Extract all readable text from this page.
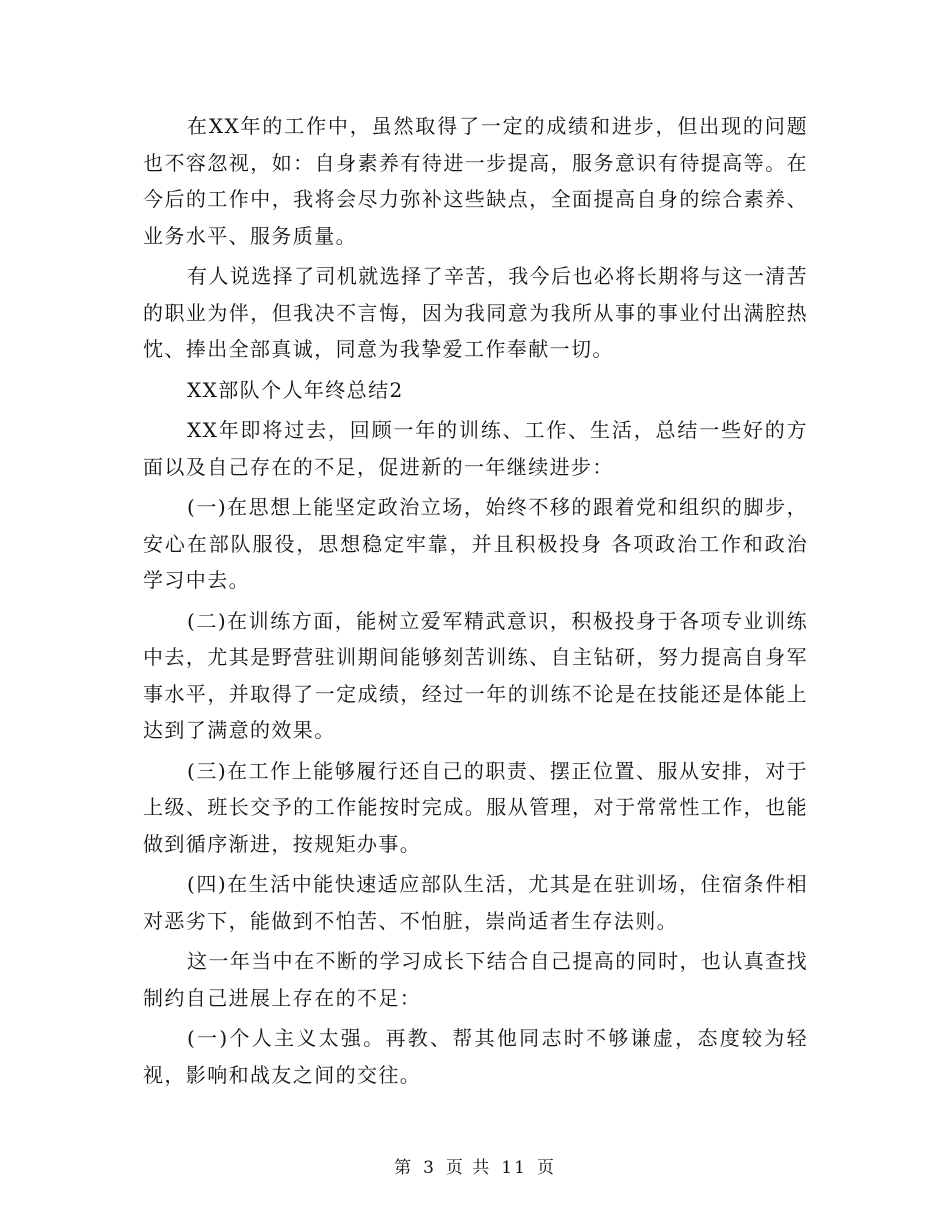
在XX年的工作中，虽然取得了一定的成绩和进步，但出现的问题也不容忽视，如：自身素养有待进一步提高，服务意识有待提高等。在今后的工作中，我将会尽力弥补这些缺点，全面提高自身的综合素养、业务水平、服务质量。

有人说选择了司机就选择了辛苦，我今后也必将长期将与这一清苦的职业为伴，但我决不言悔，因为我同意为我所从事的事业付出满腔热忱、捧出全部真诚，同意为我挚爱工作奉献一切。

XX部队个人年终总结2

XX年即将过去，回顾一年的训练、工作、生活，总结一些好的方面以及自己存在的不足，促进新的一年继续进步：

(一)在思想上能坚定政治立场，始终不移的跟着党和组织的脚步，安心在部队服役，思想稳定牢靠，并且积极投身 各项政治工作和政治学习中去。

(二)在训练方面，能树立爱军精武意识，积极投身于各项专业训练中去，尤其是野营驻训期间能够刻苦训练、自主钻研，努力提高自身军事水平，并取得了一定成绩，经过一年的训练不论是在技能还是体能上达到了满意的效果。

(三)在工作上能够履行还自己的职责、摆正位置、服从安排，对于上级、班长交予的工作能按时完成。服从管理，对于常常性工作，也能做到循序渐进，按规矩办事。

(四)在生活中能快速适应部队生活，尤其是在驻训场，住宿条件相对恶劣下，能做到不怕苦、不怕脏，崇尚适者生存法则。

这一年当中在不断的学习成长下结合自己提高的同时，也认真查找制约自己进展上存在的不足：

(一)个人主义太强。再教、帮其他同志时不够谦虚，态度较为轻视，影响和战友之间的交往。

第 3 页 共 11 页
